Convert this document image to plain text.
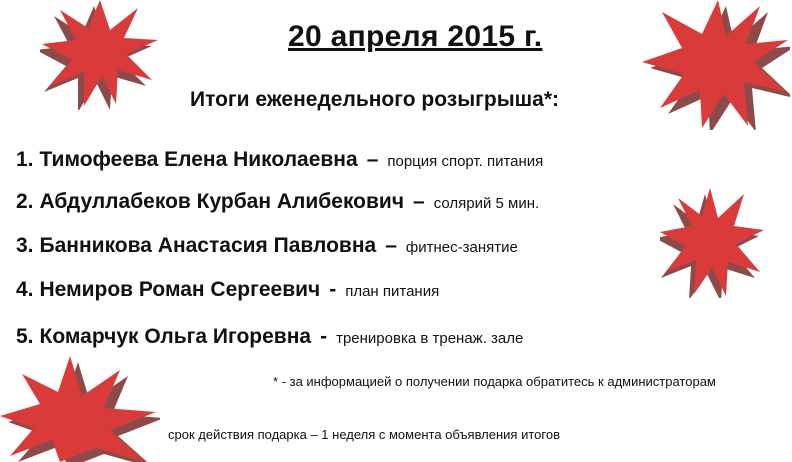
20 апреля 2015 г.
Итоги еженедельного розыгрыша*:
1. Тимофеева Елена Николаевна – порция спорт. питания
2. Абдуллабеков Курбан Алибекович – солярий 5 мин.
3. Банникова Анастасия Павловна – фитнес-занятие
4. Немиров Роман Сергеевич - план питания
5. Комарчук Ольга Игоревна - тренировка в тренаж. зале
* - за информацией о получении подарка обратитесь к администраторам
срок действия подарка – 1 неделя с момента объявления итогов
